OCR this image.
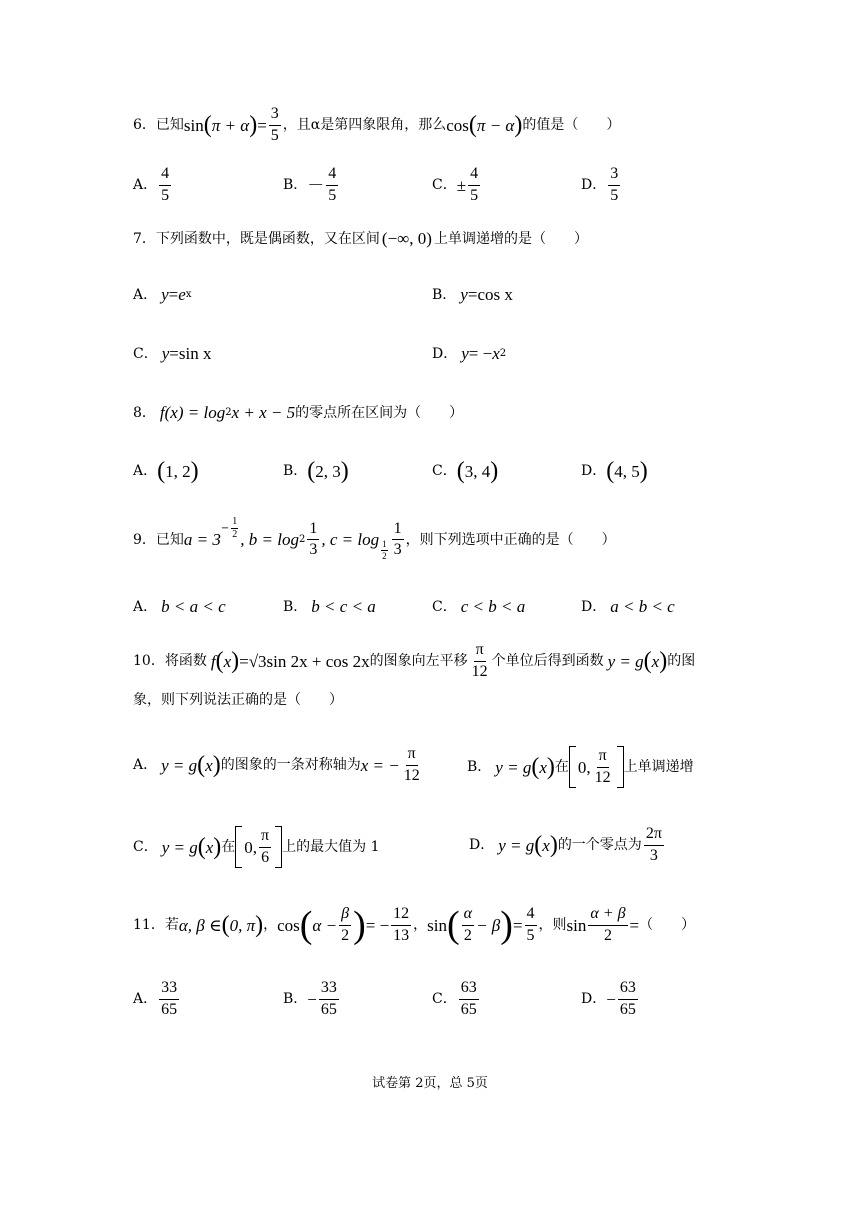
6． 已知 sin ( π + α ) = $\frac{3}{5}$ ，且α是第四象限角，那么 cos ( π − α ) 的值是（　　）
A． $\frac{4}{5}$	B． － $\frac{4}{5}$	C． ± $\frac{4}{5}$	D． $\frac{3}{5}$
7． 下列函数中，既是偶函数，又在区间 (−∞, 0) 上单调递增的是（　　）
A． y = e x	B． y = cos x
C． y = sin x	D． y = − x 2
8． f(x) = log 2 x + x − 5 的零点所在区间为（　　）
A． ( 1, 2 )	B． ( 2, 3 )	C． ( 3, 4 )	D． ( 4, 5 )
9． 已知 a = 3
− $\frac{1}{2}$ , $b = \log 2 \frac{1}{3}$ , c = log
$\frac{1}{2} \frac{1}{3}$ ，则下列选项中正确的是（　　）
A． b < a < c	B． b < c < a	C． c < b < a	D． a < b < c
10． 将函数 f ( x ) = √3 sin 2x + cos 2x 的图象向左平移 $\frac{\pi}{12}$ 个单位后得到函数 y = g ( x ) 的图
象，则下列说法正确的是（　　）
A． y = g ( x ) 的图象的一条对称轴为 x = − $\frac{\pi}{12}$	B． y = g ( x ) 在 0, $\frac{\pi}{12}$ 上单调递增
C． y = g ( x ) 在 0, $\frac{\pi}{6}$ 上的最大值为 1	D． y = g ( x ) 的一个零点为 $\frac{2\pi}{3}$
11． 若 α, β ∈ ( 0, π ) ， cos ( $\alpha - \frac{\beta}{2}$ ) = − $\frac{12}{13}$ ， sin ( $\frac{\alpha}{2} - \beta$ ) = $\frac{4}{5}$ ，则 $\sin \frac{\alpha + \beta}{2}$ = （　　）
A． $\frac{33}{65}$	B． − $\frac{33}{65}$	C． $\frac{63}{65}$	D． − $\frac{63}{65}$
试卷第 2页，总 5页
